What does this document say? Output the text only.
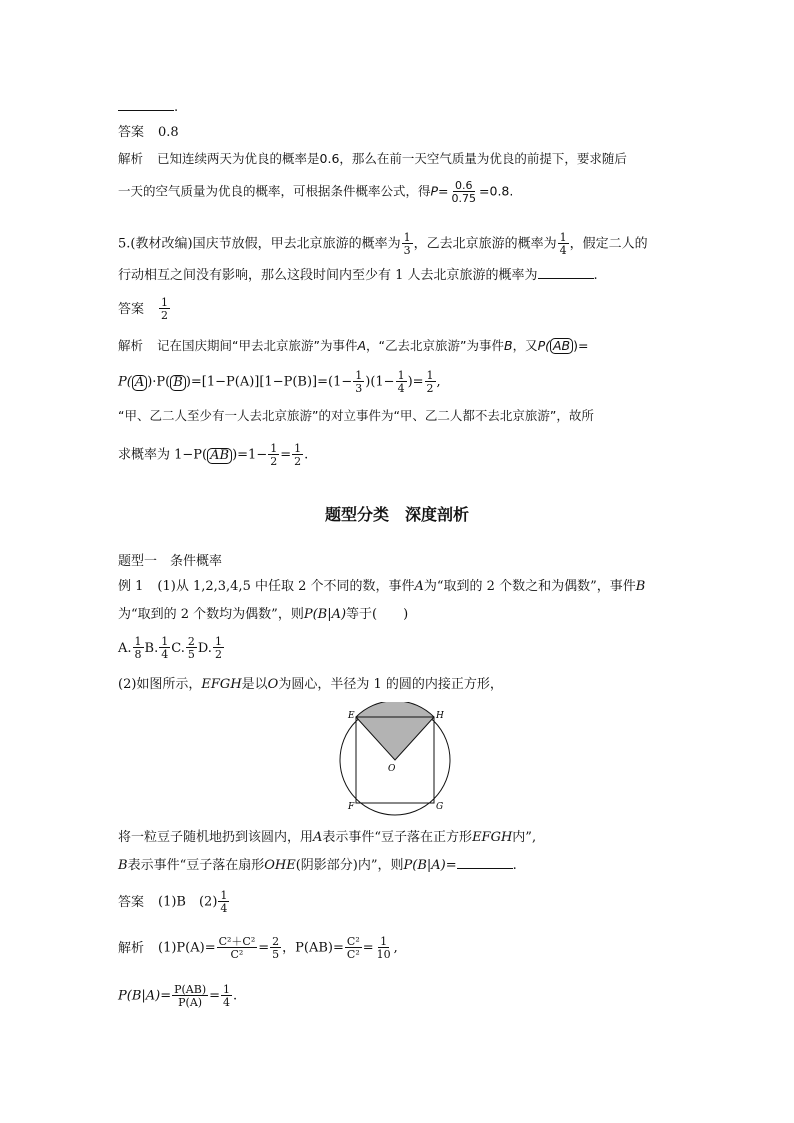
.
答案 0.8
解析 已知连续两天为优良的概率是0.6，那么在前一天空气质量为优良的前提下，要求随后
一天的空气质量为优良的概率，可根据条件概率公式，得$P= \frac{0.6}{0.75} =0.8$.
5.(教材改编)国庆节放假，甲去北京旅游的概率为 $\frac{1}{3}$ ，乙去北京旅游的概率为 $\frac{1}{4}$ ，假定二人的
行动相互之间没有影响，那么这段时间内至少有 1 人去北京旅游的概率为	.
答案 $\frac{1}{2}$
解析 记在国庆期间“甲去北京旅游”为事件A，“乙去北京旅游”为事件B，又P( AB )=
P( A )·P( B )$=[1-P(A)][1-P(B)]=(1- \frac{1}{3} )(1- \frac{1}{4}$ )= $\frac{1}{2}$ ,
“甲、乙二人至少有一人去北京旅游”的对立事件为“甲、乙二人都不去北京旅游”，故所
求概率为 1−P( AB )$=1- \frac{1}{2} = \frac{1}{2}$ .
题型分类　深度剖析
题型一　条件概率
例 1 (1)从 1,2,3,4,5 中任取 2 个不同的数，事件A为“取到的 2 个数之和为偶数”，事件B
为“取到的 2 个数均为偶数”，则P(B|A)等于(　　)
A. $\frac{1}{8} B$. $\frac{1}{4} C$. $\frac{2}{5} D$. $\frac{1}{2}$
(2)如图所示，EFGH是以O为圆心，半径为 1 的圆的内接正方形，
E	H
O
F	G
将一粒豆子随机地扔到该圆内，用A表示事件“豆子落在正方形EFGH内”,
B表示事件“豆子落在扇形OHE(阴影部分)内”，则P(B|A)=	.
答案 (1)B　$(2) \frac{1}{4}$
解析 $(1)P(A)= \frac{\text{C²＋C²}}{\text{C²}} = \frac{2}{5}$ ，$P(AB)= \frac{\text{C²}}{\text{C²}} = \frac{1}{10}$ ,
$P(B|A)= \frac{P(AB)}{P(A)} = \frac{1}{4}$ .
